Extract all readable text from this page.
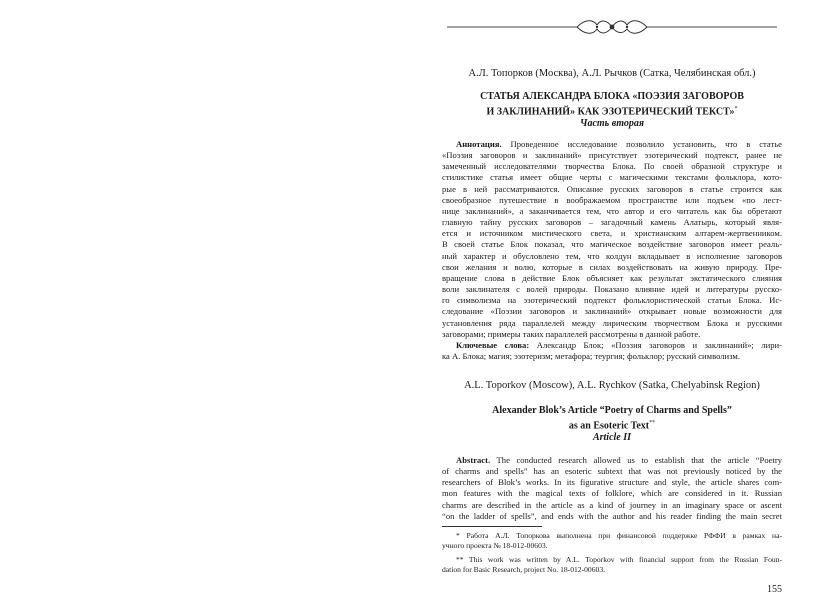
А.Л. Топорков (Москва), А.Л. Рычков (Сатка, Челябинская обл.)
СТАТЬЯ АЛЕКСАНДРА БЛОКА «ПОЭЗИЯ ЗАГОВОРОВ
И ЗАКЛИНАНИЙ» КАК ЭЗОТЕРИЧЕСКИЙ ТЕКСТ»*
Часть вторая
Аннотация. Проведенное исследование позволило установить, что в статье
«Поэзия заговоров и заклинаний» присутствует эзотерический подтекст, ранее не
замеченный исследователями творчества Блока. По своей образной структуре и
стилистике статья имеет общие черты с магическими текстами фольклора, кото-
рые в ней рассматриваются. Описание русских заговоров в статье строится как
своеобразное путешествие в воображаемом пространстве или подъем «по лест-
нице заклинаний», а заканчивается тем, что автор и его читатель как бы обретают
главную тайну русских заговоров – загадочный камень Алатырь, который явля-
ется и источником мистического света, и христианским алтарем-жертвенником.
В своей статье Блок показал, что магическое воздействие заговоров имеет реаль-
ный характер и обусловлено тем, что колдун вкладывает в исполнение заговоров
свои желания и волю, которые в силах воздействовать на живую природу. Пре-
вращение слова в действие Блок объясняет как результат экстатического слияния
воли заклинателя с волей природы. Показано влияние идей и литературы русско-
го символизма на эзотерический подтекст фольклористической статьи Блока. Ис-
следование «Поэзии заговоров и заклинаний» открывает новые возможности для
установления ряда параллелей между лирическим творчеством Блока и русскими
заговорами; примеры таких параллелей рассмотрены в данной работе.
Ключевые слова: Александр Блок; «Поэзия заговоров и заклинаний»; лири-
ка А. Блока; магия; эзотеризм; метафора; теургия; фольклор; русский символизм.
A.L. Toporkov (Moscow), A.L. Rychkov (Satka, Chelyabinsk Region)
Alexander Blok’s Article “Poetry of Charms and Spells”
as an Esoteric Text**
Article II
Abstract. The conducted research allowed us to establish that the article “Poetry
of charms and spells” has an esoteric subtext that was not previously noticed by the
researchers of Blok’s works. In its figurative structure and style, the article shares com-
mon features with the magical texts of folklore, which are considered in it. Russian
charms are described in the article as a kind of journey in an imaginary space or ascent
“on the ladder of spells”, and ends with the author and his reader finding the main secret
* Работа А.Л. Топоркова выполнена при финансовой поддержке РФФИ в рамках на-
учного проекта № 18-012-00603.
** This work was written by A.L. Toporkov with financial support from the Russian Foun-
dation for Basic Research, project No. 18-012-00603.
155
